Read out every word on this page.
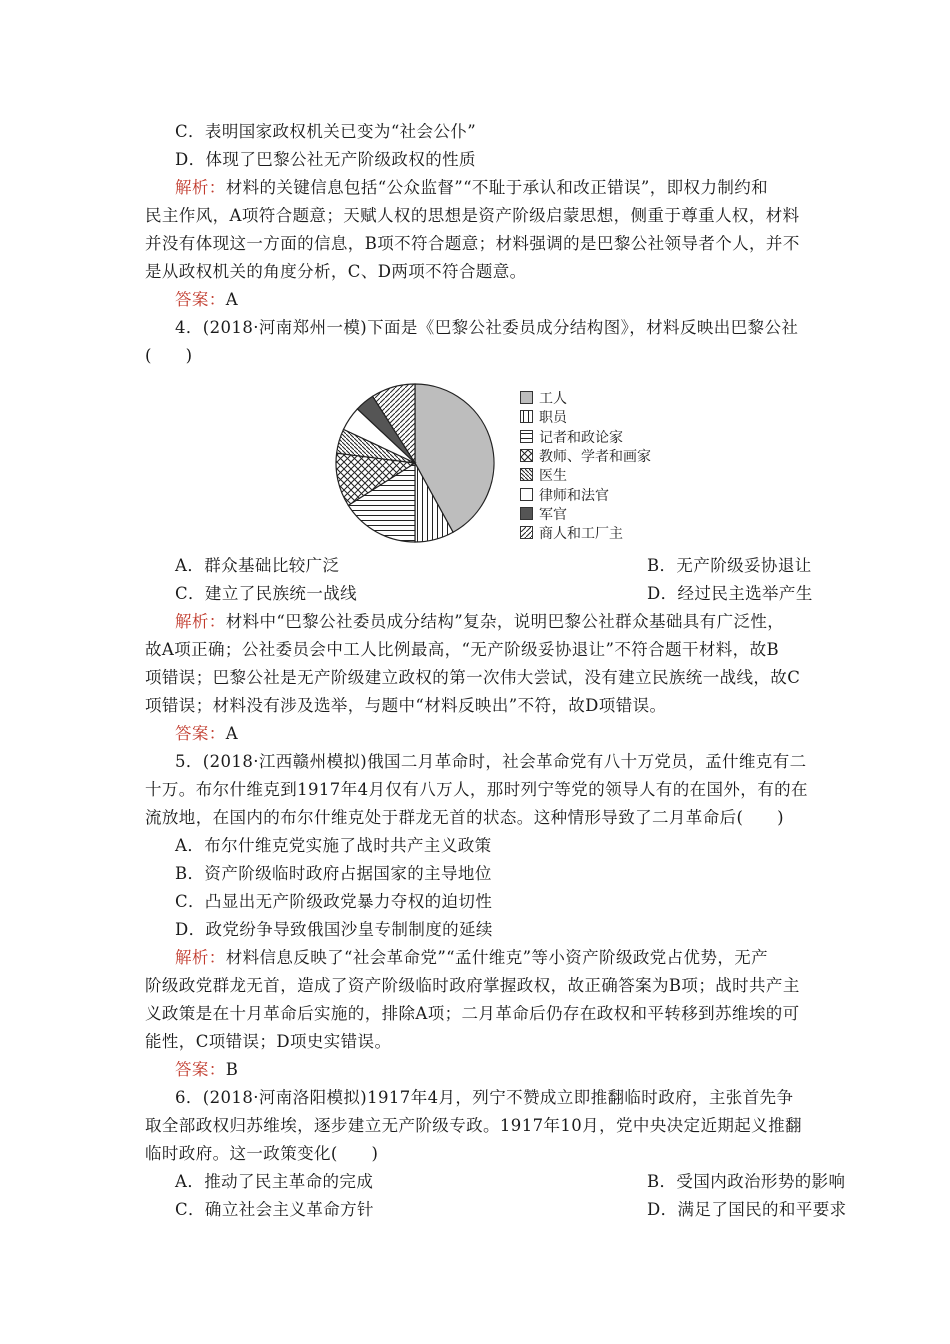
C．表明国家政权机关已变为“社会公仆”
D．体现了巴黎公社无产阶级政权的性质
解析：材料的关键信息包括“公众监督”“不耻于承认和改正错误”，即权力制约和
民主作风，A项符合题意；天赋人权的思想是资产阶级启蒙思想，侧重于尊重人权，材料
并没有体现这一方面的信息，B项不符合题意；材料强调的是巴黎公社领导者个人，并不
是从政权机关的角度分析，C、D两项不符合题意。
答案：A
4．(2018·河南郑州一模)下面是《巴黎公社委员成分结构图》，材料反映出巴黎公社
(　　)
工人
职员
记者和政论家
教师、学者和画家
医生
律师和法官
军官
商人和工厂主
A．群众基础比较广泛	B．无产阶级妥协退让
C．建立了民族统一战线	D．经过民主选举产生
解析：材料中“巴黎公社委员成分结构”复杂，说明巴黎公社群众基础具有广泛性，
故A项正确；公社委员会中工人比例最高，“无产阶级妥协退让”不符合题干材料，故B
项错误；巴黎公社是无产阶级建立政权的第一次伟大尝试，没有建立民族统一战线，故C
项错误；材料没有涉及选举，与题中“材料反映出”不符，故D项错误。
答案：A
5．(2018·江西赣州模拟)俄国二月革命时，社会革命党有八十万党员，孟什维克有二
十万。布尔什维克到1917年4月仅有八万人，那时列宁等党的领导人有的在国外，有的在
流放地，在国内的布尔什维克处于群龙无首的状态。这种情形导致了二月革命后(　　)
A．布尔什维克党实施了战时共产主义政策
B．资产阶级临时政府占据国家的主导地位
C．凸显出无产阶级政党暴力夺权的迫切性
D．政党纷争导致俄国沙皇专制制度的延续
解析：材料信息反映了“社会革命党”“孟什维克”等小资产阶级政党占优势，无产
阶级政党群龙无首，造成了资产阶级临时政府掌握政权，故正确答案为B项；战时共产主
义政策是在十月革命后实施的，排除A项；二月革命后仍存在政权和平转移到苏维埃的可
能性，C项错误；D项史实错误。
答案：B
6．(2018·河南洛阳模拟)1917年4月，列宁不赞成立即推翻临时政府，主张首先争
取全部政权归苏维埃，逐步建立无产阶级专政。1917年10月，党中央决定近期起义推翻
临时政府。这一政策变化(　　)
A．推动了民主革命的完成	B．受国内政治形势的影响
C．确立社会主义革命方针	D．满足了国民的和平要求
